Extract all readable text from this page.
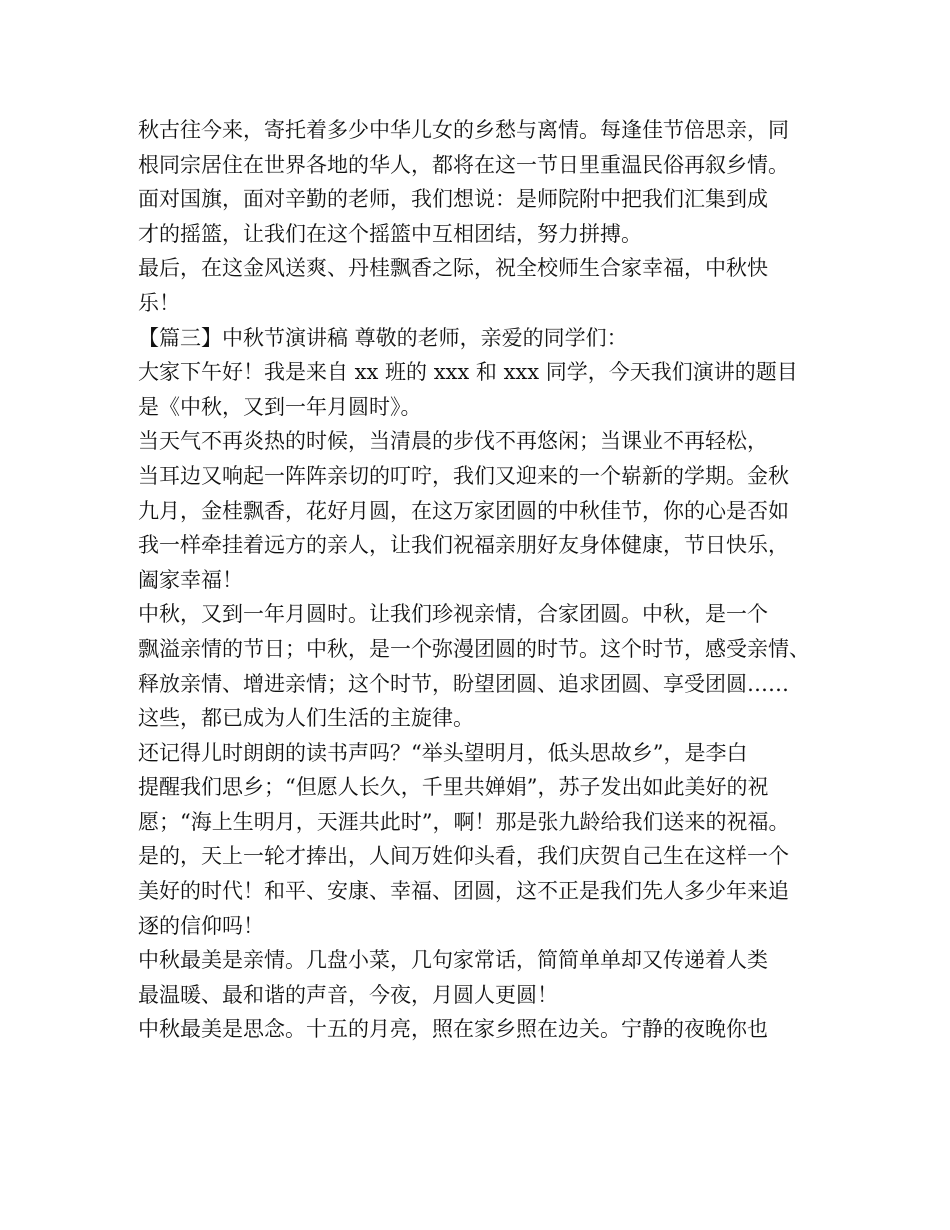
秋古往今来，寄托着多少中华儿女的乡愁与离情。每逢佳节倍思亲，同
根同宗居住在世界各地的华人，都将在这一节日里重温民俗再叙乡情。
面对国旗，面对辛勤的老师，我们想说：是师院附中把我们汇集到成
才的摇篮，让我们在这个摇篮中互相团结，努力拼搏。
最后，在这金风送爽、丹桂飘香之际，祝全校师生合家幸福，中秋快
乐！
【篇三】中秋节演讲稿 尊敬的老师，亲爱的同学们：
大家下午好！我是来自 xx 班的 xxx 和 xxx 同学，今天我们演讲的题目
是《中秋，又到一年月圆时》。
当天气不再炎热的时候，当清晨的步伐不再悠闲；当课业不再轻松，
当耳边又响起一阵阵亲切的叮咛，我们又迎来的一个崭新的学期。金秋
九月，金桂飘香，花好月圆，在这万家团圆的中秋佳节，你的心是否如
我一样牵挂着远方的亲人，让我们祝福亲朋好友身体健康，节日快乐，
阖家幸福！
中秋，又到一年月圆时。让我们珍视亲情，合家团圆。中秋，是一个
飘溢亲情的节日；中秋，是一个弥漫团圆的时节。这个时节，感受亲情、
释放亲情、增进亲情；这个时节，盼望团圆、追求团圆、享受团圆……
这些，都已成为人们生活的主旋律。
还记得儿时朗朗的读书声吗？“举头望明月，低头思故乡”，是李白
提醒我们思乡；“但愿人长久，千里共婵娟”，苏子发出如此美好的祝
愿；“海上生明月，天涯共此时”，啊！那是张九龄给我们送来的祝福。
是的，天上一轮才捧出，人间万姓仰头看，我们庆贺自己生在这样一个
美好的时代！和平、安康、幸福、团圆，这不正是我们先人多少年来追
逐的信仰吗！
中秋最美是亲情。几盘小菜，几句家常话，简简单单却又传递着人类
最温暖、最和谐的声音，今夜，月圆人更圆！
中秋最美是思念。十五的月亮，照在家乡照在边关。宁静的夜晚你也
